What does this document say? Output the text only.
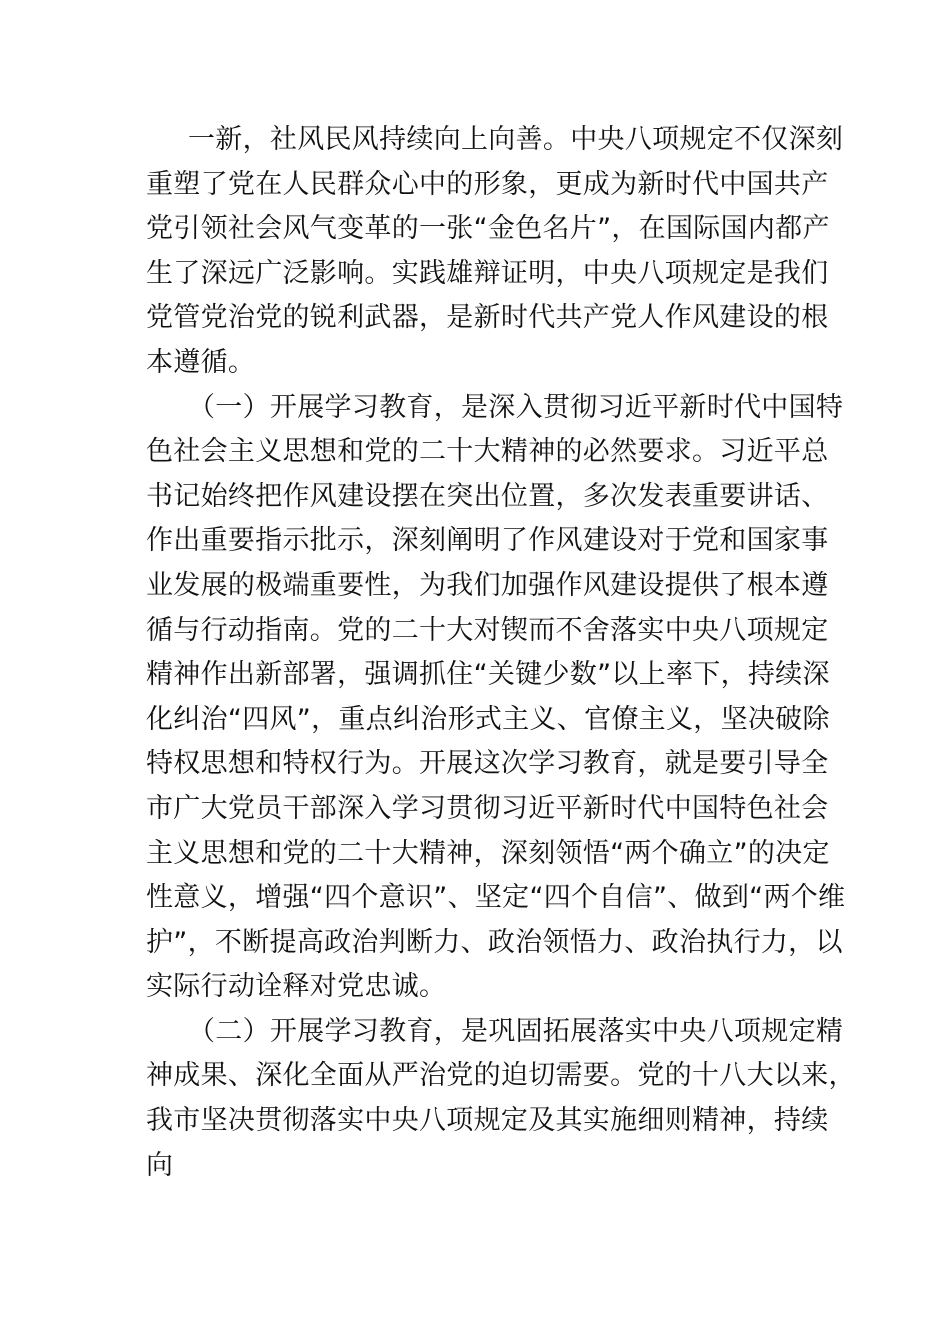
一新，社风民风持续向上向善。中央八项规定不仅深刻
重塑了党在人民群众心中的形象，更成为新时代中国共产
党引领社会风气变革的一张“金色名片”，在国际国内都产
生了深远广泛影响。实践雄辩证明，中央八项规定是我们
党管党治党的锐利武器，是新时代共产党人作风建设的根
本遵循。
（一）开展学习教育，是深入贯彻习近平新时代中国特
色社会主义思想和党的二十大精神的必然要求。习近平总
书记始终把作风建设摆在突出位置，多次发表重要讲话、
作出重要指示批示，深刻阐明了作风建设对于党和国家事
业发展的极端重要性，为我们加强作风建设提供了根本遵
循与行动指南。党的二十大对锲而不舍落实中央八项规定
精神作出新部署，强调抓住“关键少数”以上率下，持续深
化纠治“四风”，重点纠治形式主义、官僚主义，坚决破除
特权思想和特权行为。开展这次学习教育，就是要引导全
市广大党员干部深入学习贯彻习近平新时代中国特色社会
主义思想和党的二十大精神，深刻领悟“两个确立”的决定
性意义，增强“四个意识”、坚定“四个自信”、做到“两个维
护”，不断提高政治判断力、政治领悟力、政治执行力，以
实际行动诠释对党忠诚。
（二）开展学习教育，是巩固拓展落实中央八项规定精
神成果、深化全面从严治党的迫切需要。党的十八大以来，
我市坚决贯彻落实中央八项规定及其实施细则精神，持续
向
